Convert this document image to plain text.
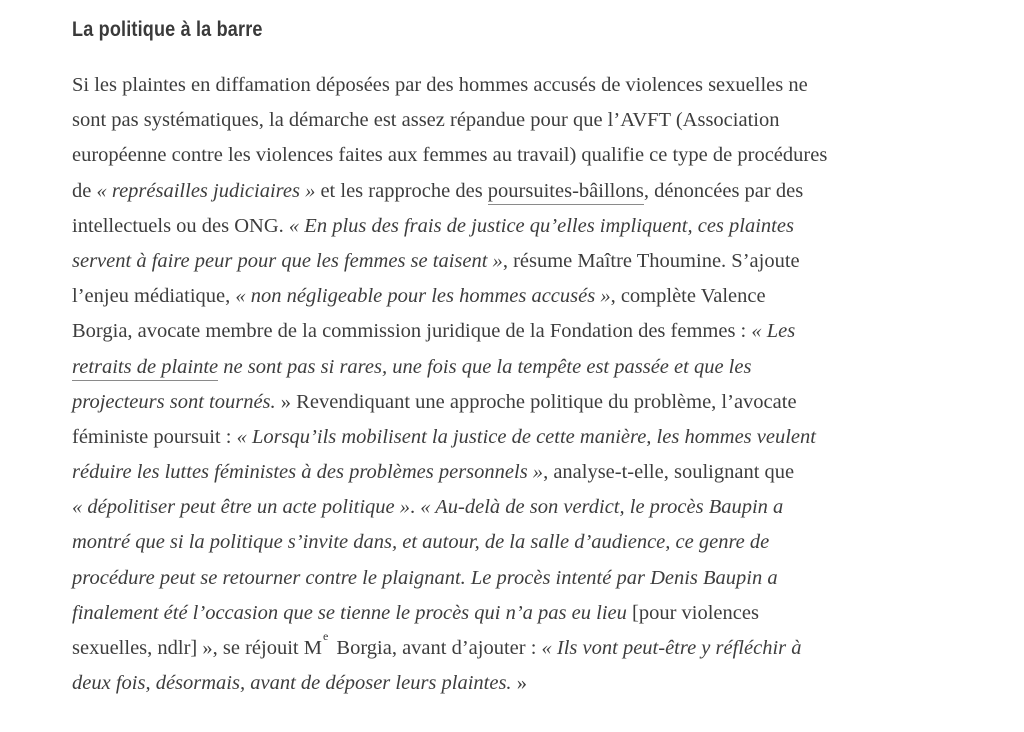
La politique à la barre

Si les plaintes en diffamation déposées par des hommes accusés de violences sexuelles ne
sont pas systématiques, la démarche est assez répandue pour que l’AVFT (Association
européenne contre les violences faites aux femmes au travail) qualifie ce type de procédures
de « représailles judiciaires » et les rapproche des poursuites-bâillons, dénoncées par des
intellectuels ou des ONG. « En plus des frais de justice qu’elles impliquent, ces plaintes
servent à faire peur pour que les femmes se taisent », résume Maître Thoumine. S’ajoute
l’enjeu médiatique, « non négligeable pour les hommes accusés », complète Valence
Borgia, avocate membre de la commission juridique de la Fondation des femmes : « Les
retraits de plainte ne sont pas si rares, une fois que la tempête est passée et que les
projecteurs sont tournés. » Revendiquant une approche politique du problème, l’avocate
féministe poursuit : « Lorsqu’ils mobilisent la justice de cette manière, les hommes veulent
réduire les luttes féministes à des problèmes personnels », analyse-t-elle, soulignant que
« dépolitiser peut être un acte politique ». « Au-delà de son verdict, le procès Baupin a
montré que si la politique s’invite dans, et autour, de la salle d’audience, ce genre de
procédure peut se retourner contre le plaignant. Le procès intenté par Denis Baupin a
finalement été l’occasion que se tienne le procès qui n’a pas eu lieu [pour violences
sexuelles, ndlr] », se réjouit Me Borgia, avant d’ajouter : « Ils vont peut-être y réfléchir à
deux fois, désormais, avant de déposer leurs plaintes. »
